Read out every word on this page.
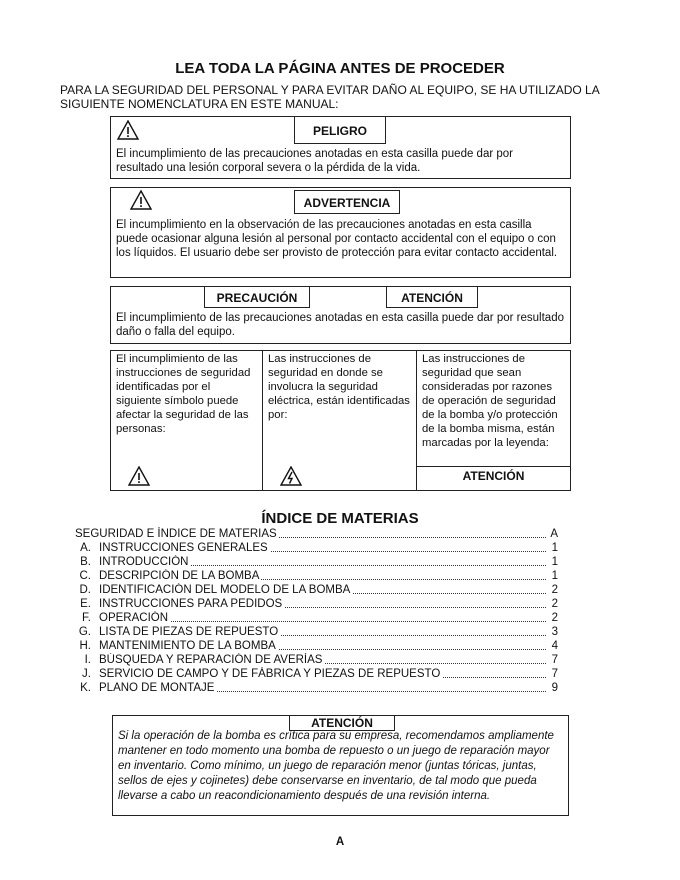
LEA TODA LA PÁGINA ANTES DE PROCEDER
PARA LA SEGURIDAD DEL PERSONAL Y PARA EVITAR DAÑO AL EQUIPO, SE HA UTILIZADO LA SIGUIENTE NOMENCLATURA EN ESTE MANUAL:
PELIGRO
El incumplimiento de las precauciones anotadas en esta casilla puede dar por resultado una lesión corporal severa o la pérdida de la vida.
ADVERTENCIA
El incumplimiento en la observación de las precauciones anotadas en esta casilla puede ocasionar alguna lesión al personal por contacto accidental con el equipo o con los líquidos. El usuario debe ser provisto de protección para evitar contacto accidental.
PRECAUCIÓN	ATENCIÓN
El incumplimiento de las precauciones anotadas en esta casilla puede dar por resultado daño o falla del equipo.
El incumplimiento de las instrucciones de seguridad identificadas por el siguiente símbolo puede afectar la seguridad de las personas:
Las instrucciones de seguridad en donde se involucra la seguridad eléctrica, están identificadas por:
Las instrucciones de seguridad que sean consideradas por razones de operación de seguridad de la bomba y/o protección de la bomba misma, están marcadas por la leyenda:
ATENCIÓN
ÍNDICE DE MATERIAS
SEGURIDAD E ÍNDICE DE MATERIAS	A
A. INSTRUCCIONES GENERALES	1
B. INTRODUCCIÓN	1
C. DESCRIPCIÓN DE LA BOMBA	1
D. IDENTIFICACIÓN DEL MODELO DE LA BOMBA	2
E. INSTRUCCIONES PARA PEDIDOS	2
F. OPERACIÓN	2
G. LISTA DE PIEZAS DE REPUESTO	3
H. MANTENIMIENTO DE LA BOMBA	4
I. BÚSQUEDA Y REPARACIÓN DE AVERÍAS	7
J. SERVICIO DE CAMPO Y DE FÁBRICA Y PIEZAS DE REPUESTO	7
K. PLANO DE MONTAJE	9
ATENCIÓN
Si la operación de la bomba es crítica para su empresa, recomendamos ampliamente mantener en todo momento una bomba de repuesto o un juego de reparación mayor en inventario. Como mínimo, un juego de reparación menor (juntas tóricas, juntas, sellos de ejes y cojinetes) debe conservarse en inventario, de tal modo que pueda llevarse a cabo un reacondicionamiento después de una revisión interna.
A
